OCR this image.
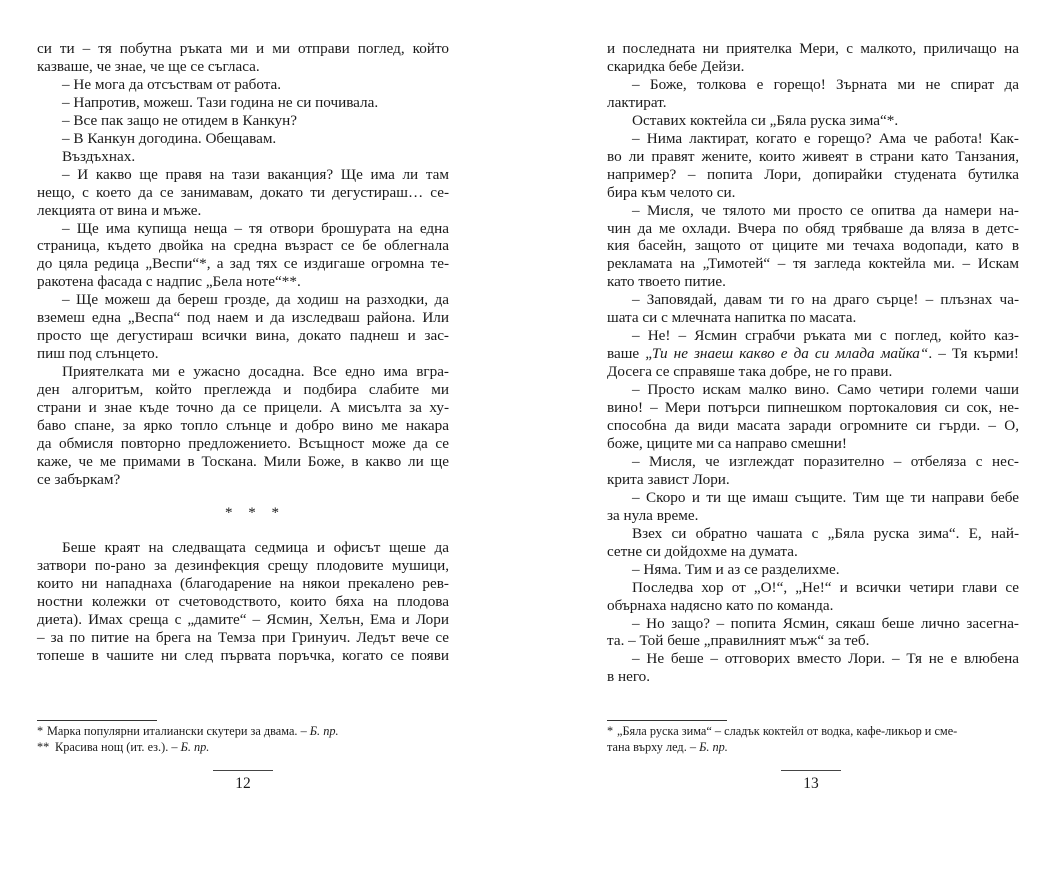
си ти – тя побутна ръката ми и ми отправи поглед, който
казваше, че знае, че ще се съгласа.
– Не мога да отсъствам от работа.
– Напротив, можеш. Тази година не си почивала.
– Все пак защо не отидем в Канкун?
– В Канкун догодина. Обещавам.
Въздъхнах.
– И какво ще правя на тази ваканция? Ще има ли там
нещо, с което да се занимавам, докато ти дегустираш… се-
лекцията от вина и мъже.
– Ще има купища неща – тя отвори брошурата на една
страница, където двойка на средна възраст се бе облегнала
до цяла редица „Веспи“*, а зад тях се издигаше огромна те-
ракотена фасада с надпис „Бела ноте“**.
– Ще можеш да береш грозде, да ходиш на разходки, да
вземеш една „Веспа“ под наем и да изследваш района. Или
просто ще дегустираш всички вина, докато паднеш и зас-
пиш под слънцето.
Приятелката ми е ужасно досадна. Все едно има вгра-
ден алгоритъм, който преглежда и подбира слабите ми
страни и знае къде точно да се прицели. А мисълта за ху-
баво спане, за ярко топло слънце и добро вино ме накара
да обмисля повторно предложението. Всъщност може да се
каже, че ме примами в Тоскана. Мили Боже, в какво ли ще
се забъркам?
* * *
Беше краят на следващата седмица и офисът щеше да
затвори по-рано за дезинфекция срещу плодовите мушици,
които ни нападнаха (благодарение на някои прекалено рев-
ностни колежки от счетоводството, които бяха на плодова
диета). Имах среща с „дамите“ – Ясмин, Хелън, Ема и Лори
– за по питие на брега на Темза при Гринуич. Ледът вече се
топеше в чашите ни след първата поръчка, когато се появи
и последната ни приятелка Мери, с малкото, приличащо на
скаридка бебе Дейзи.
– Боже, толкова е горещо! Зърната ми не спират да
лактират.
Оставих коктейла си „Бяла руска зима“*.
– Нима лактират, когато е горещо? Ама че работа! Как-
во ли правят жените, които живеят в страни като Танзания,
например? – попита Лори, допирайки студената бутилка
бира към челото си.
– Мисля, че тялото ми просто се опитва да намери на-
чин да ме охлади. Вчера по обяд трябваше да вляза в детс-
кия басейн, защото от циците ми течаха водопади, като в
рекламата на „Тимотей“ – тя загледа коктейла ми. – Искам
като твоето питие.
– Заповядай, давам ти го на драго сърце! – плъзнах ча-
шата си с млечната напитка по масата.
– Не! – Ясмин сграбчи ръката ми с поглед, който каз-
ваше „Ти не знаеш какво е да си млада майка“. – Тя кърми!
Досега се справяше така добре, не го прави.
– Просто искам малко вино. Само четири големи чаши
вино! – Мери потърси пипнешком портокаловия си сок, не-
способна да види масата заради огромните си гърди. – О,
боже, циците ми са направо смешни!
– Мисля, че изглеждат поразително – отбеляза с нес-
крита завист Лори.
– Скоро и ти ще имаш същите. Тим ще ти направи бебе
за нула време.
Взех си обратно чашата с „Бяла руска зима“. Е, най-
сетне си дойдохме на думата.
– Няма. Тим и аз се разделихме.
Последва хор от „О!“, „Не!“ и всички четири глави се
обърнаха надясно като по команда.
– Но защо? – попита Ясмин, сякаш беше лично засегна-
та. – Той беше „правилният мъж“ за теб.
– Не беше – отговорих вместо Лори. – Тя не е влюбена
в него.
* Марка популярни италиански скутери за двама. – Б. пр.
** Красива нощ (ит. ез.). – Б. пр.
* „Бяла руска зима“ – сладък коктейл от водка, кафе-ликьор и сме-
тана върху лед. – Б. пр.
12	13
